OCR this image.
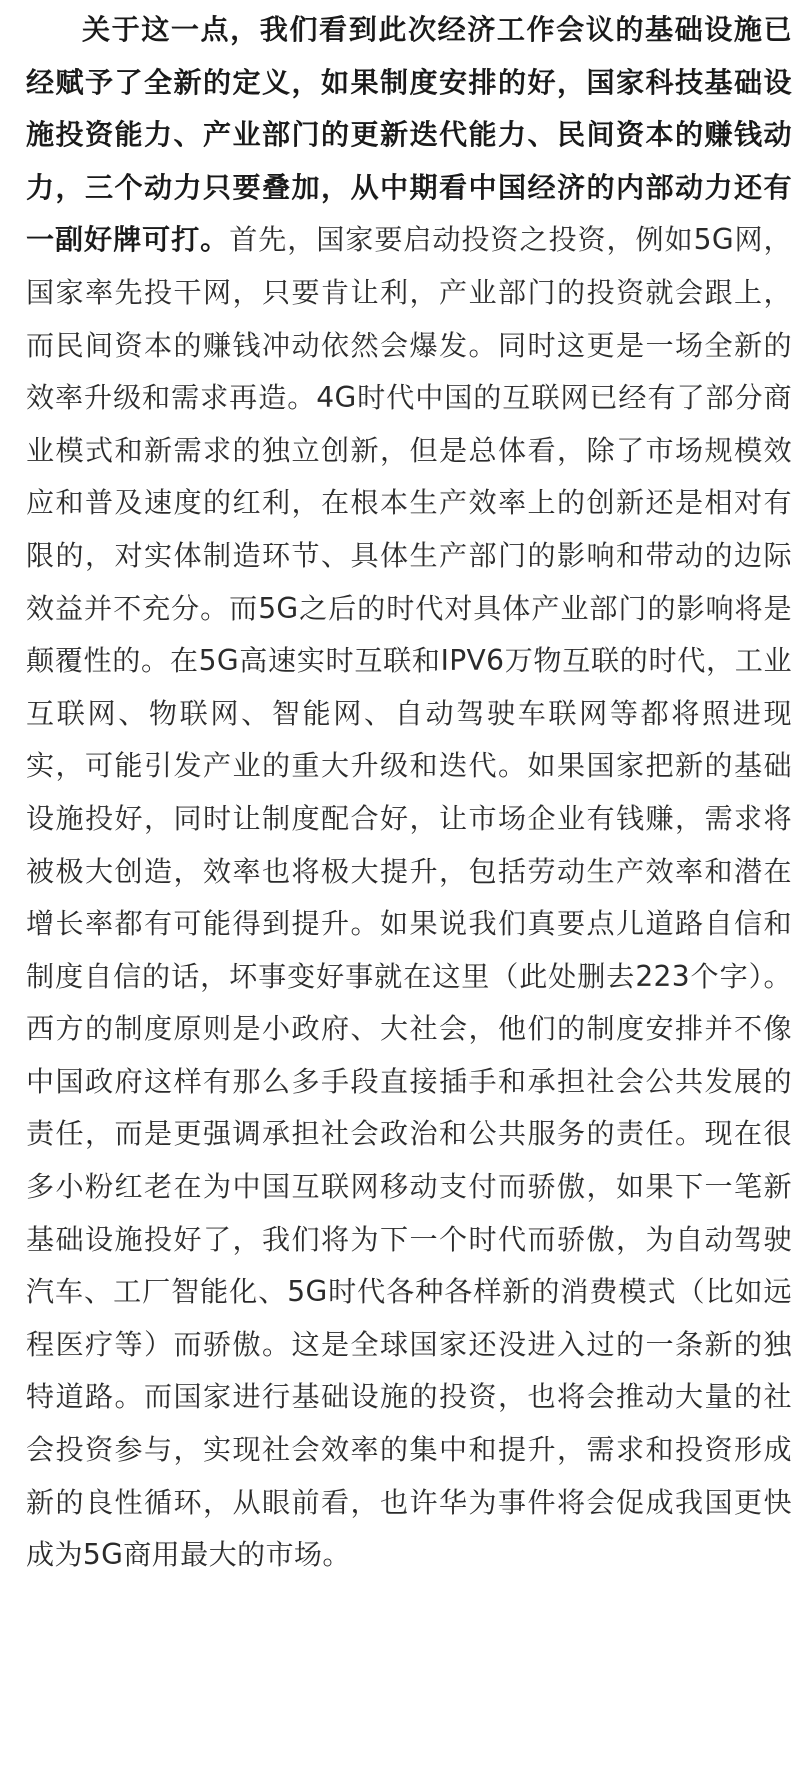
关于这一点，我们看到此次经济工作会议的基础设施已经赋予了全新的定义，如果制度安排的好，国家科技基础设施投资能力、产业部门的更新迭代能力、民间资本的赚钱动力，三个动力只要叠加，从中期看中国经济的内部动力还有一副好牌可打。首先，国家要启动投资之投资，例如5G网，国家率先投干网，只要肯让利，产业部门的投资就会跟上，而民间资本的赚钱冲动依然会爆发。同时这更是一场全新的效率升级和需求再造。4G时代中国的互联网已经有了部分商业模式和新需求的独立创新，但是总体看，除了市场规模效应和普及速度的红利，在根本生产效率上的创新还是相对有限的，对实体制造环节、具体生产部门的影响和带动的边际效益并不充分。而5G之后的时代对具体产业部门的影响将是颠覆性的。在5G高速实时互联和IPV6万物互联的时代，工业互联网、物联网、智能网、自动驾驶车联网等都将照进现实，可能引发产业的重大升级和迭代。如果国家把新的基础设施投好，同时让制度配合好，让市场企业有钱赚，需求将被极大创造，效率也将极大提升，包括劳动生产效率和潜在增长率都有可能得到提升。如果说我们真要点儿道路自信和制度自信的话，坏事变好事就在这里（此处删去223个字）。西方的制度原则是小政府、大社会，他们的制度安排并不像中国政府这样有那么多手段直接插手和承担社会公共发展的责任，而是更强调承担社会政治和公共服务的责任。现在很多小粉红老在为中国互联网移动支付而骄傲，如果下一笔新基础设施投好了，我们将为下一个时代而骄傲，为自动驾驶汽车、工厂智能化、5G时代各种各样新的消费模式（比如远程医疗等）而骄傲。这是全球国家还没进入过的一条新的独特道路。而国家进行基础设施的投资，也将会推动大量的社会投资参与，实现社会效率的集中和提升，需求和投资形成新的良性循环，从眼前看，也许华为事件将会促成我国更快成为5G商用最大的市场。
